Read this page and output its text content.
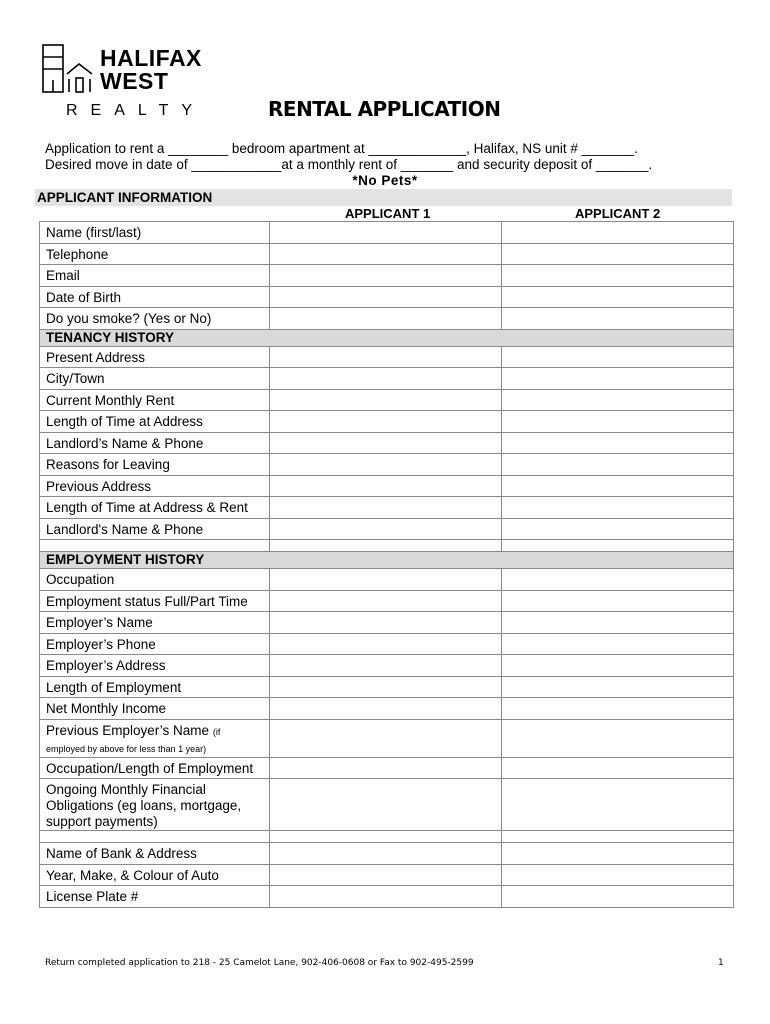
HALIFAX
WEST
REALTY	RENTAL APPLICATION
Application to rent a ________ bedroom apartment at _____________, Halifax, NS unit # _______.
Desired move in date of ____________at a monthly rent of _______ and security deposit of _______.
*No Pets*
APPLICANT INFORMATION
APPLICANT 1	APPLICANT 2
Name (first/last)		
Telephone		
Email		
Date of Birth		
Do you smoke? (Yes or No)		
TENANCY HISTORY		
Present Address		
City/Town		
Current Monthly Rent		
Length of Time at Address		
Landlord’s Name & Phone		
Reasons for Leaving		
Previous Address		
Length of Time at Address & Rent		
Landlord's Name & Phone		

EMPLOYMENT HISTORY		
Occupation		
Employment status Full/Part Time		
Employer’s Name		
Employer’s Phone		
Employer’s Address		
Length of Employment		
Net Monthly Income		
Previous Employer’s Name (if
employed by above for less than 1 year)		
Occupation/Length of Employment		
Ongoing Monthly Financial Obligations (eg loans, mortgage, support payments)		

Name of Bank & Address		
Year, Make, & Colour of Auto		
License Plate #		
Return completed application to 218 - 25 Camelot Lane, 902-406-0608 or Fax to 902-495-2599	1
